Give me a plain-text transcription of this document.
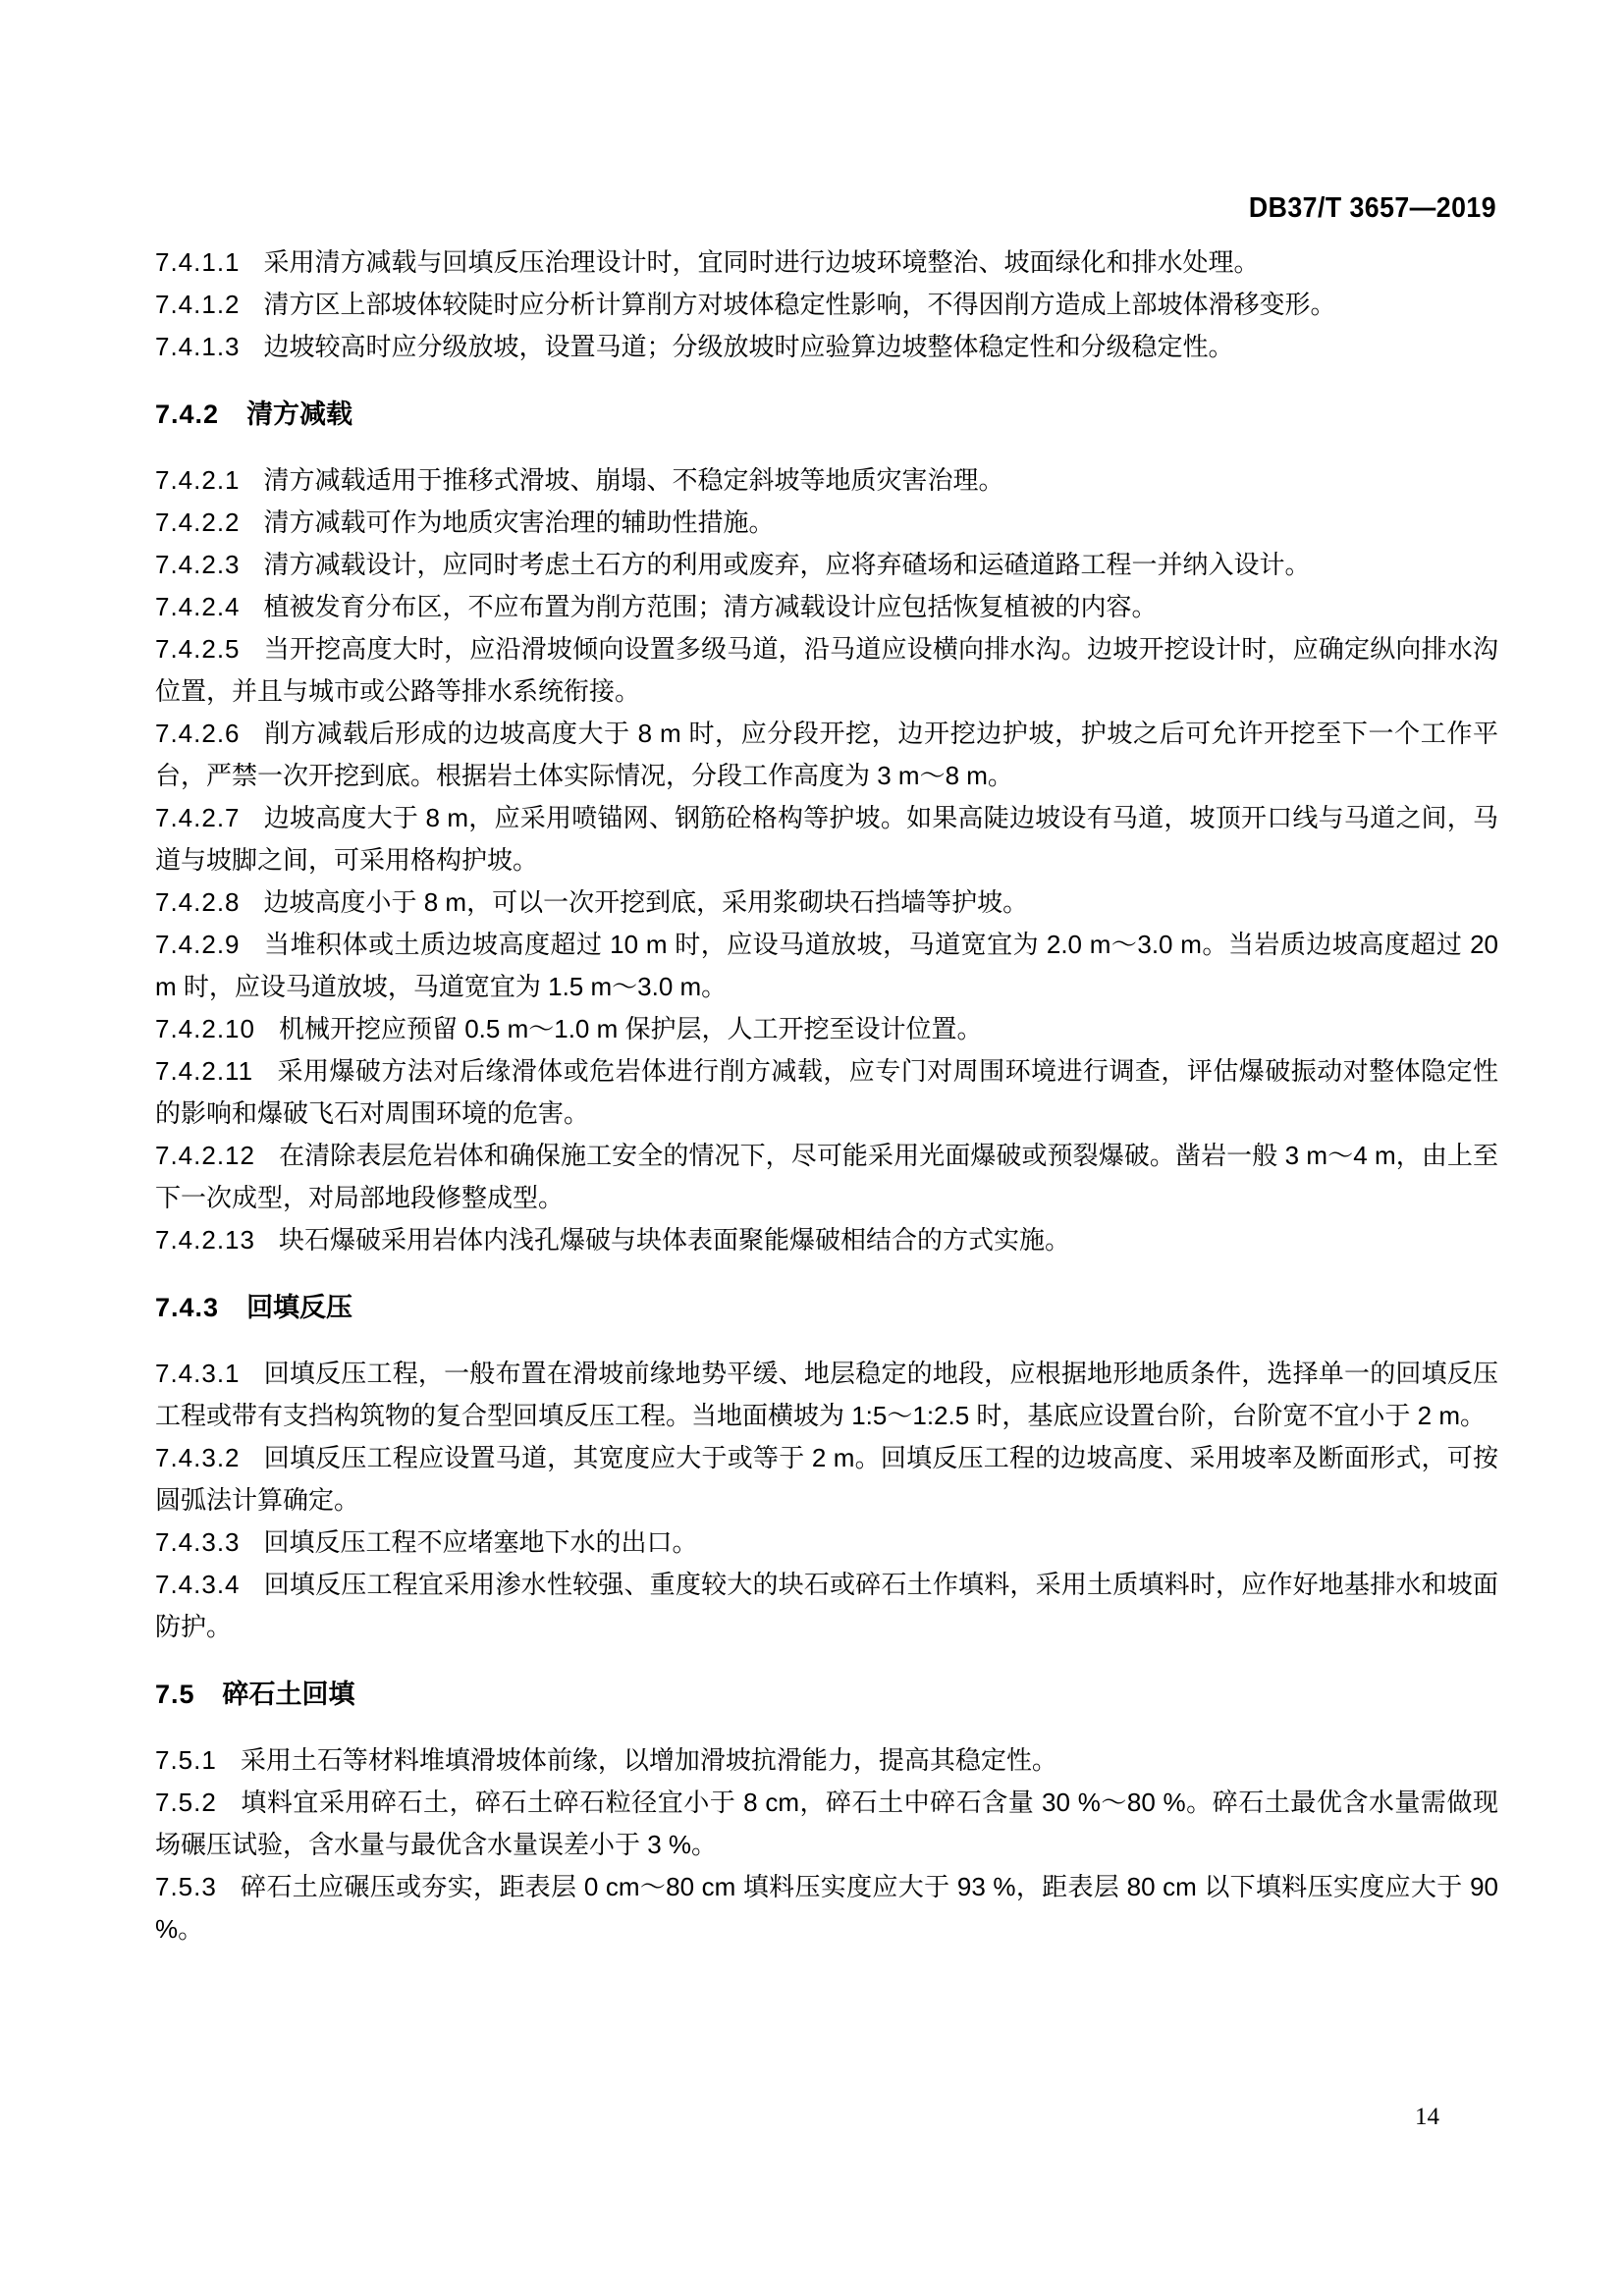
DB37/T 3657—2019

7.4.1.1 采用清方减载与回填反压治理设计时，宜同时进行边坡环境整治、坡面绿化和排水处理。

7.4.1.2 清方区上部坡体较陡时应分析计算削方对坡体稳定性影响，不得因削方造成上部坡体滑移变形。

7.4.1.3 边坡较高时应分级放坡，设置马道；分级放坡时应验算边坡整体稳定性和分级稳定性。

7.4.2 清方减载

7.4.2.1 清方减载适用于推移式滑坡、崩塌、不稳定斜坡等地质灾害治理。

7.4.2.2 清方减载可作为地质灾害治理的辅助性措施。

7.4.2.3 清方减载设计，应同时考虑土石方的利用或废弃，应将弃碴场和运碴道路工程一并纳入设计。

7.4.2.4 植被发育分布区，不应布置为削方范围；清方减载设计应包括恢复植被的内容。

7.4.2.5 当开挖高度大时，应沿滑坡倾向设置多级马道，沿马道应设横向排水沟。边坡开挖设计时，应确定纵向排水沟位置，并且与城市或公路等排水系统衔接。

7.4.2.6 削方减载后形成的边坡高度大于 8 m 时，应分段开挖，边开挖边护坡，护坡之后可允许开挖至下一个工作平台，严禁一次开挖到底。根据岩土体实际情况，分段工作高度为 3 m～8 m。

7.4.2.7 边坡高度大于 8 m，应采用喷锚网、钢筋砼格构等护坡。如果高陡边坡设有马道，坡顶开口线与马道之间，马道与坡脚之间，可采用格构护坡。

7.4.2.8 边坡高度小于 8 m，可以一次开挖到底，采用浆砌块石挡墙等护坡。

7.4.2.9 当堆积体或土质边坡高度超过 10 m 时，应设马道放坡，马道宽宜为 2.0 m～3.0 m。当岩质边坡高度超过 20 m 时，应设马道放坡，马道宽宜为 1.5 m～3.0 m。

7.4.2.10 机械开挖应预留 0.5 m～1.0 m 保护层，人工开挖至设计位置。

7.4.2.11 采用爆破方法对后缘滑体或危岩体进行削方减载，应专门对周围环境进行调查，评估爆破振动对整体隐定性的影响和爆破飞石对周围环境的危害。

7.4.2.12 在清除表层危岩体和确保施工安全的情况下，尽可能采用光面爆破或预裂爆破。凿岩一般 3 m～4 m，由上至下一次成型，对局部地段修整成型。

7.4.2.13 块石爆破采用岩体内浅孔爆破与块体表面聚能爆破相结合的方式实施。

7.4.3 回填反压

7.4.3.1 回填反压工程，一般布置在滑坡前缘地势平缓、地层稳定的地段，应根据地形地质条件，选择单一的回填反压工程或带有支挡构筑物的复合型回填反压工程。当地面横坡为 1:5～1:2.5 时，基底应设置台阶，台阶宽不宜小于 2 m。

7.4.3.2 回填反压工程应设置马道，其宽度应大于或等于 2 m。回填反压工程的边坡高度、采用坡率及断面形式，可按圆弧法计算确定。

7.4.3.3 回填反压工程不应堵塞地下水的出口。

7.4.3.4 回填反压工程宜采用渗水性较强、重度较大的块石或碎石土作填料，采用土质填料时，应作好地基排水和坡面防护。

7.5 碎石土回填

7.5.1 采用土石等材料堆填滑坡体前缘，以增加滑坡抗滑能力，提高其稳定性。

7.5.2 填料宜采用碎石土，碎石土碎石粒径宜小于 8 cm，碎石土中碎石含量 30 %～80 %。碎石土最优含水量需做现场碾压试验，含水量与最优含水量误差小于 3 %。

7.5.3 碎石土应碾压或夯实，距表层 0 cm～80 cm 填料压实度应大于 93 %，距表层 80 cm 以下填料压实度应大于 90 %。

14
